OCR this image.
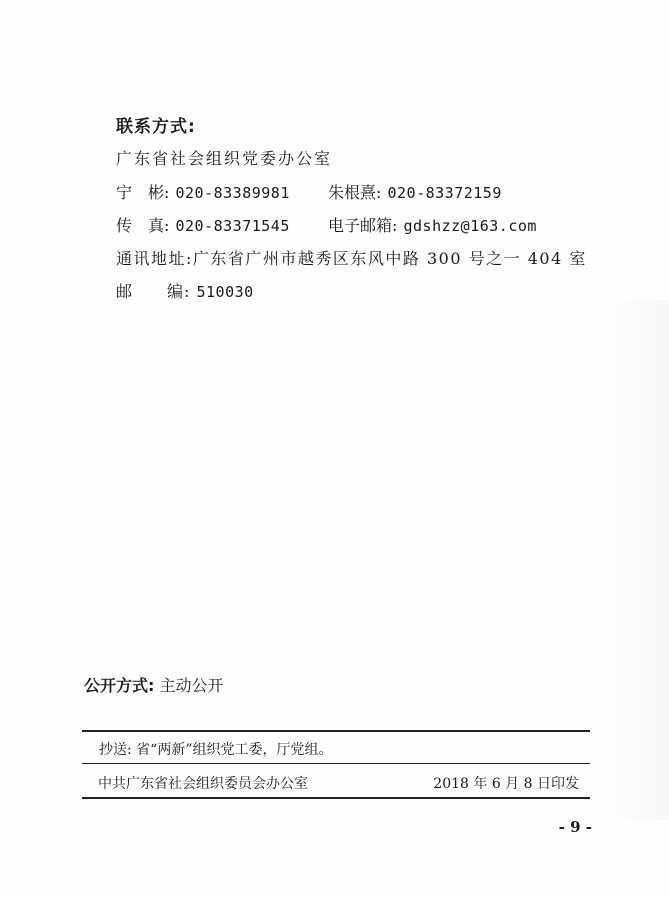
联系方式:
广东省社会组织党委办公室
宁　彬: 020-83389981 朱根熹: 020-83372159
传　真: 020-83371545 电子邮箱: gdshzz@163.com
通讯地址:广东省广州市越秀区东风中路 300 号之一 404 室
邮　　编: 510030
公开方式: 主动公开
抄送: 省“两新”组织党工委，厅党组。
中共广东省社会组织委员会办公室	2018 年 6 月 8 日印发
- 9 -
